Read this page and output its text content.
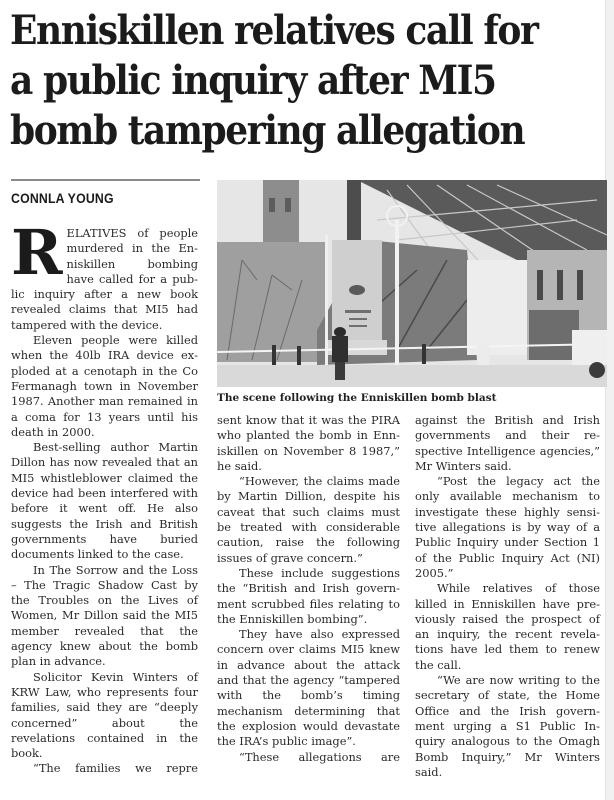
Enniskillen relatives call for
a public inquiry after MI5
bomb tampering allegation
CONNLA YOUNG

RELATIVES of people murdered in the Enniskillen bombing have called for a public inquiry after a new book revealed claims that MI5 had tampered with the device.

Eleven people were killed when the 40lb IRA device exploded at a cenotaph in the Co Fermanagh town in November 1987. Another man remained in a coma for 13 years until his death in 2000.

Best-selling author Martin Dillon has now revealed that an MI5 whistleblower claimed the device had been interfered with before it went off. He also suggests the Irish and British governments have buried documents linked to the case.

In The Sorrow and the Loss – The Tragic Shadow Cast by the Troubles on the Lives of Women, Mr Dillon said the MI5 member revealed that the agency knew about the bomb plan in advance.

Solicitor Kevin Winters of KRW Law, who represents four families, said they are “deeply concerned” about the revelations contained in the book.

“The families we repre

The scene following the Enniskillen bomb blast

sent know that it was the PIRA who planted the bomb in Enniskillen on November 8 1987,” he said.

“However, the claims made by Martin Dillion, despite his caveat that such claims must be treated with considerable caution, raise the following issues of grave concern.”

These include suggestions the “British and Irish government scrubbed files relating to the Enniskillen bombing”.

They have also expressed concern over claims MI5 knew in advance about the attack and that the agency “tampered with the bomb’s timing mechanism determining that the explosion would devastate the IRA’s public image”.

“These allegations are

against the British and Irish governments and their respective Intelligence agencies,” Mr Winters said.

“Post the legacy act the only available mechanism to investigate these highly sensitive allegations is by way of a Public Inquiry under Section 1 of the Public Inquiry Act (NI) 2005.”

While relatives of those killed in Enniskillen have previously raised the prospect of an inquiry, the recent revelations have led them to renew the call.

“We are now writing to the secretary of state, the Home Office and the Irish government urging a S1 Public Inquiry analogous to the Omagh Bomb Inquiry,” Mr Winters said.
